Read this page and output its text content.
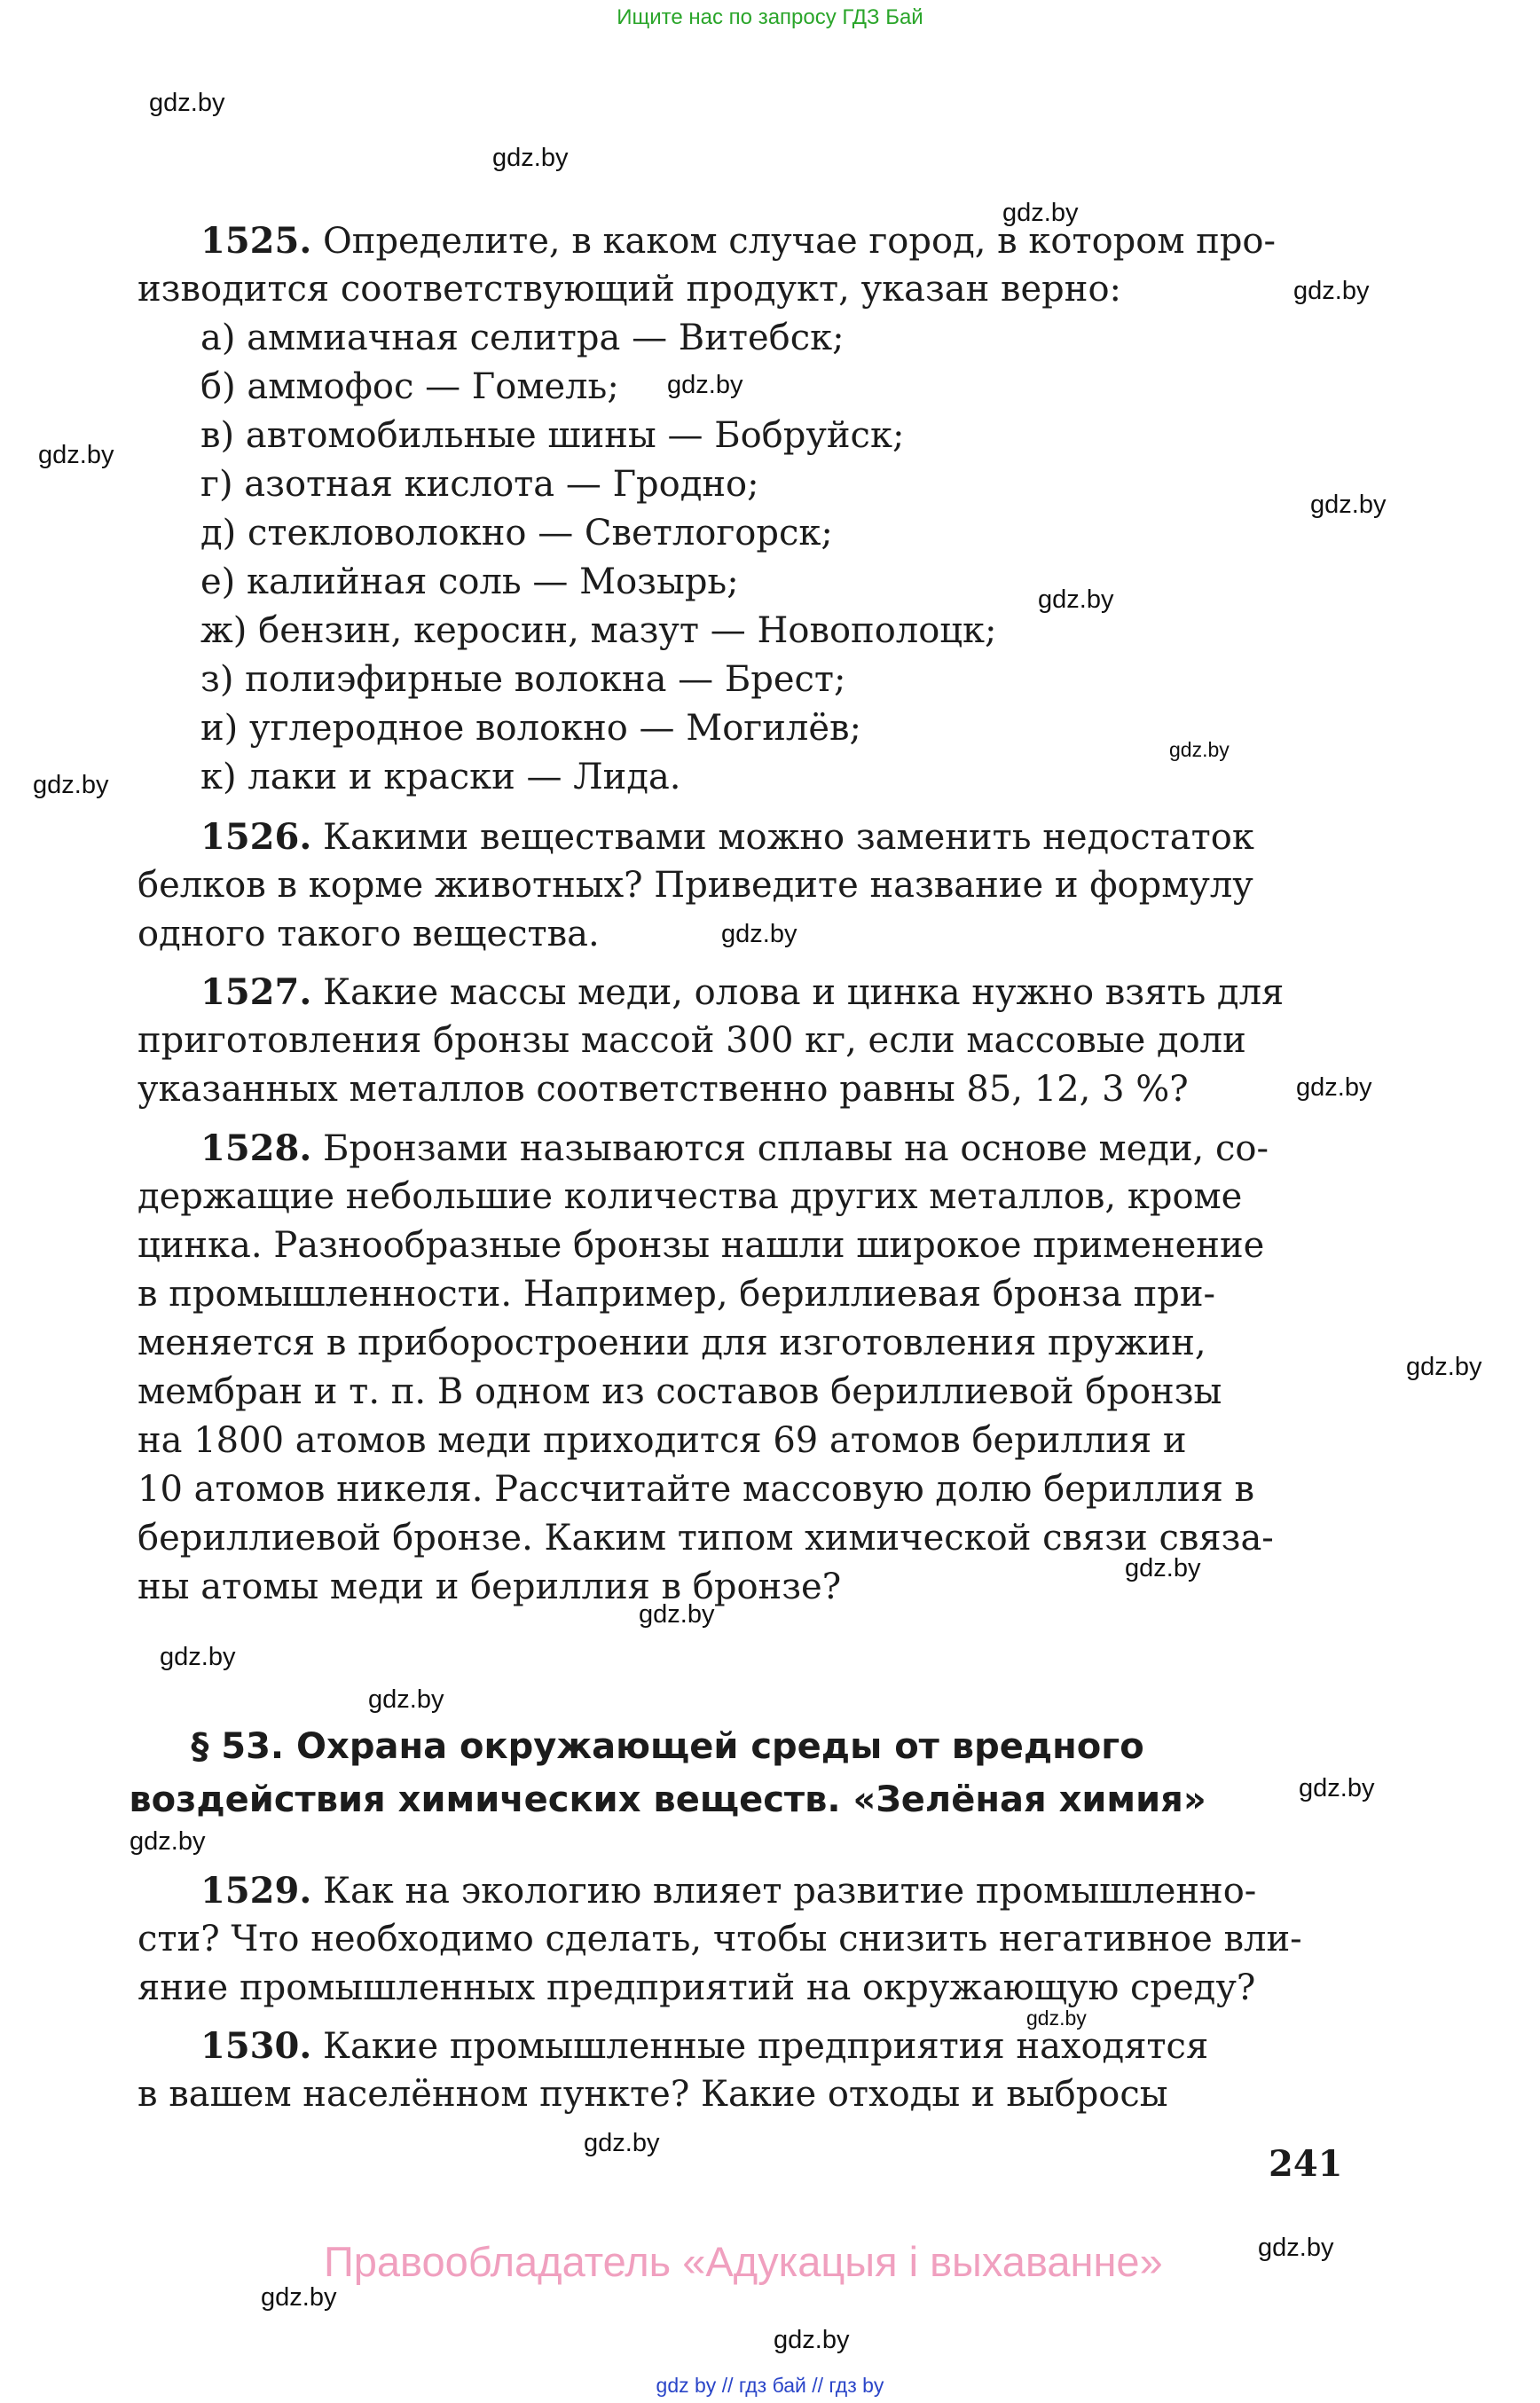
Ищите нас по запросу ГДЗ Бай
gdz.by
gdz.by
gdz.by
gdz.by
gdz.by
gdz.by
gdz.by
gdz.by
gdz.by
gdz.by
gdz.by
gdz.by
gdz.by
gdz.by
gdz.by
gdz.by
gdz.by
gdz.by
gdz.by
gdz.by
gdz.by
gdz.by
gdz.by
gdz.by
1525. Определите, в каком случае город, в котором про-
изводится соответствующий продукт, указан верно:
а) аммиачная селитра — Витебск;
б) аммофос — Гомель;
в) автомобильные шины — Бобруйск;
г) азотная кислота — Гродно;
д) стекловолокно — Светлогорск;
е) калийная соль — Мозырь;
ж) бензин, керосин, мазут — Новополоцк;
з) полиэфирные волокна — Брест;
и) углеродное волокно — Могилёв;
к) лаки и краски — Лида.
1526. Какими веществами можно заменить недостаток
белков в корме животных? Приведите название и формулу
одного такого вещества.
1527. Какие массы меди, олова и цинка нужно взять для
приготовления бронзы массой 300 кг, если массовые доли
указанных металлов соответственно равны 85, 12, 3 %?
1528. Бронзами называются сплавы на основе меди, со-
держащие небольшие количества других металлов, кроме
цинка. Разнообразные бронзы нашли широкое применение
в промышленности. Например, бериллиевая бронза при-
меняется в приборостроении для изготовления пружин,
мембран и т. п. В одном из составов бериллиевой бронзы
на 1800 атомов меди приходится 69 атомов бериллия и
10 атомов никеля. Рассчитайте массовую долю бериллия в
бериллиевой бронзе. Каким типом химической связи связа-
ны атомы меди и бериллия в бронзе?
§ 53. Охрана окружающей среды от вредного
воздействия химических веществ. «Зелёная химия»
1529. Как на экологию влияет развитие промышленно-
сти? Что необходимо сделать, чтобы снизить негативное вли-
яние промышленных предприятий на окружающую среду?
1530. Какие промышленные предприятия находятся
в вашем населённом пункте? Какие отходы и выбросы
241
Правообладатель «Адукацыя і выхаванне»
gdz by // гдз бай // гдз by
